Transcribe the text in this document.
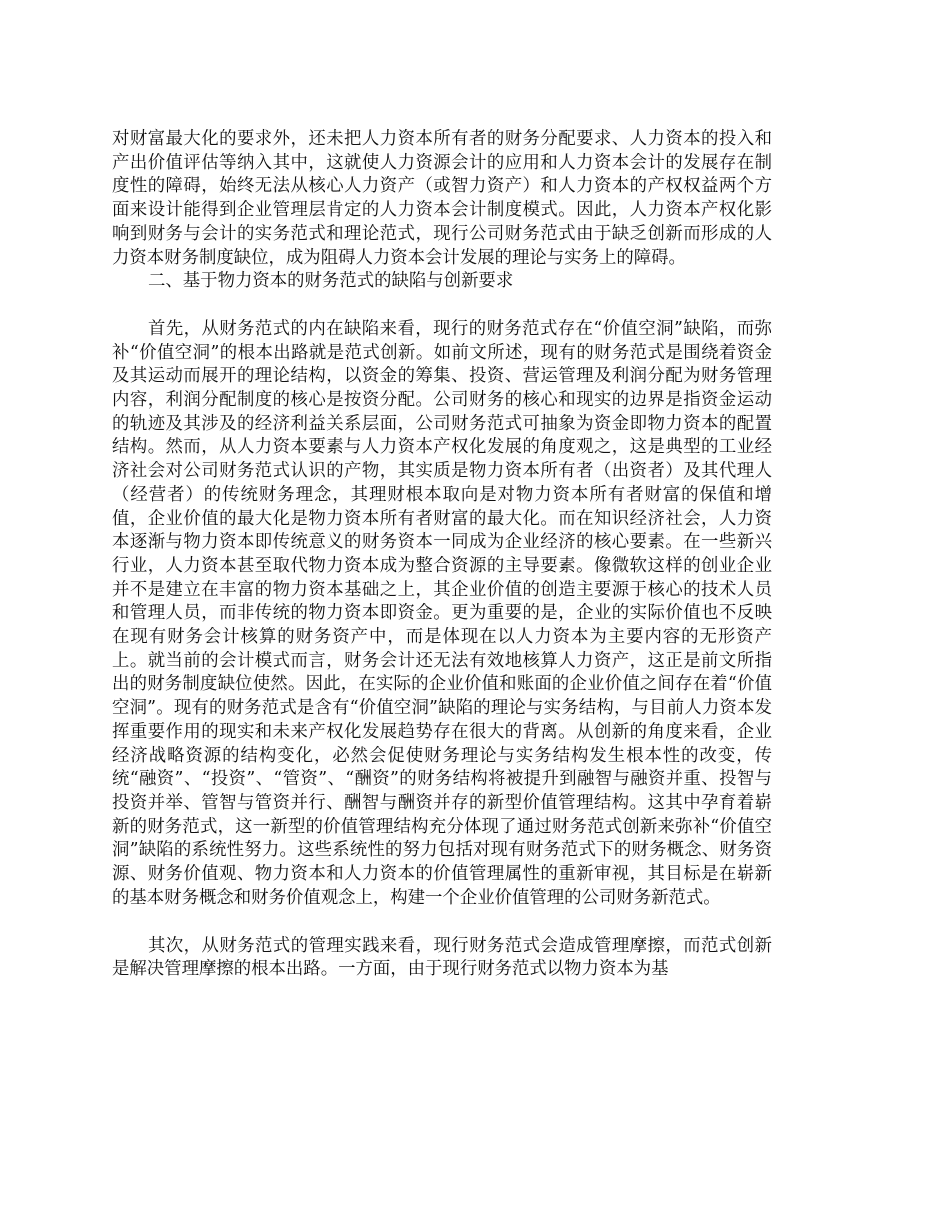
对财富最大化的要求外，还未把人力资本所有者的财务分配要求、人力资本的投入和产出价值评估等纳入其中，这就使人力资源会计的应用和人力资本会计的发展存在制度性的障碍，始终无法从核心人力资产（或智力资产）和人力资本的产权权益两个方面来设计能得到企业管理层肯定的人力资本会计制度模式。因此，人力资本产权化影响到财务与会计的实务范式和理论范式，现行公司财务范式由于缺乏创新而形成的人力资本财务制度缺位，成为阻碍人力资本会计发展的理论与实务上的障碍。

二、基于物力资本的财务范式的缺陷与创新要求

首先，从财务范式的内在缺陷来看，现行的财务范式存在“价值空洞”缺陷，而弥补“价值空洞”的根本出路就是范式创新。如前文所述，现有的财务范式是围绕着资金及其运动而展开的理论结构，以资金的筹集、投资、营运管理及利润分配为财务管理内容，利润分配制度的核心是按资分配。公司财务的核心和现实的边界是指资金运动的轨迹及其涉及的经济利益关系层面，公司财务范式可抽象为资金即物力资本的配置结构。然而，从人力资本要素与人力资本产权化发展的角度观之，这是典型的工业经济社会对公司财务范式认识的产物，其实质是物力资本所有者（出资者）及其代理人（经营者）的传统财务理念，其理财根本取向是对物力资本所有者财富的保值和增值，企业价值的最大化是物力资本所有者财富的最大化。而在知识经济社会，人力资本逐渐与物力资本即传统意义的财务资本一同成为企业经济的核心要素。在一些新兴行业，人力资本甚至取代物力资本成为整合资源的主导要素。像微软这样的创业企业并不是建立在丰富的物力资本基础之上，其企业价值的创造主要源于核心的技术人员和管理人员，而非传统的物力资本即资金。更为重要的是，企业的实际价值也不反映在现有财务会计核算的财务资产中，而是体现在以人力资本为主要内容的无形资产上。就当前的会计模式而言，财务会计还无法有效地核算人力资产，这正是前文所指出的财务制度缺位使然。因此，在实际的企业价值和账面的企业价值之间存在着“价值空洞”。现有的财务范式是含有“价值空洞”缺陷的理论与实务结构，与目前人力资本发挥重要作用的现实和未来产权化发展趋势存在很大的背离。从创新的角度来看，企业经济战略资源的结构变化，必然会促使财务理论与实务结构发生根本性的改变，传统“融资”、“投资”、“管资”、“酬资”的财务结构将被提升到融智与融资并重、投智与投资并举、管智与管资并行、酬智与酬资并存的新型价值管理结构。这其中孕育着崭新的财务范式，这一新型的价值管理结构充分体现了通过财务范式创新来弥补“价值空洞”缺陷的系统性努力。这些系统性的努力包括对现有财务范式下的财务概念、财务资源、财务价值观、物力资本和人力资本的价值管理属性的重新审视，其目标是在崭新的基本财务概念和财务价值观念上，构建一个企业价值管理的公司财务新范式。

其次，从财务范式的管理实践来看，现行财务范式会造成管理摩擦，而范式创新是解决管理摩擦的根本出路。一方面，由于现行财务范式以物力资本为基
